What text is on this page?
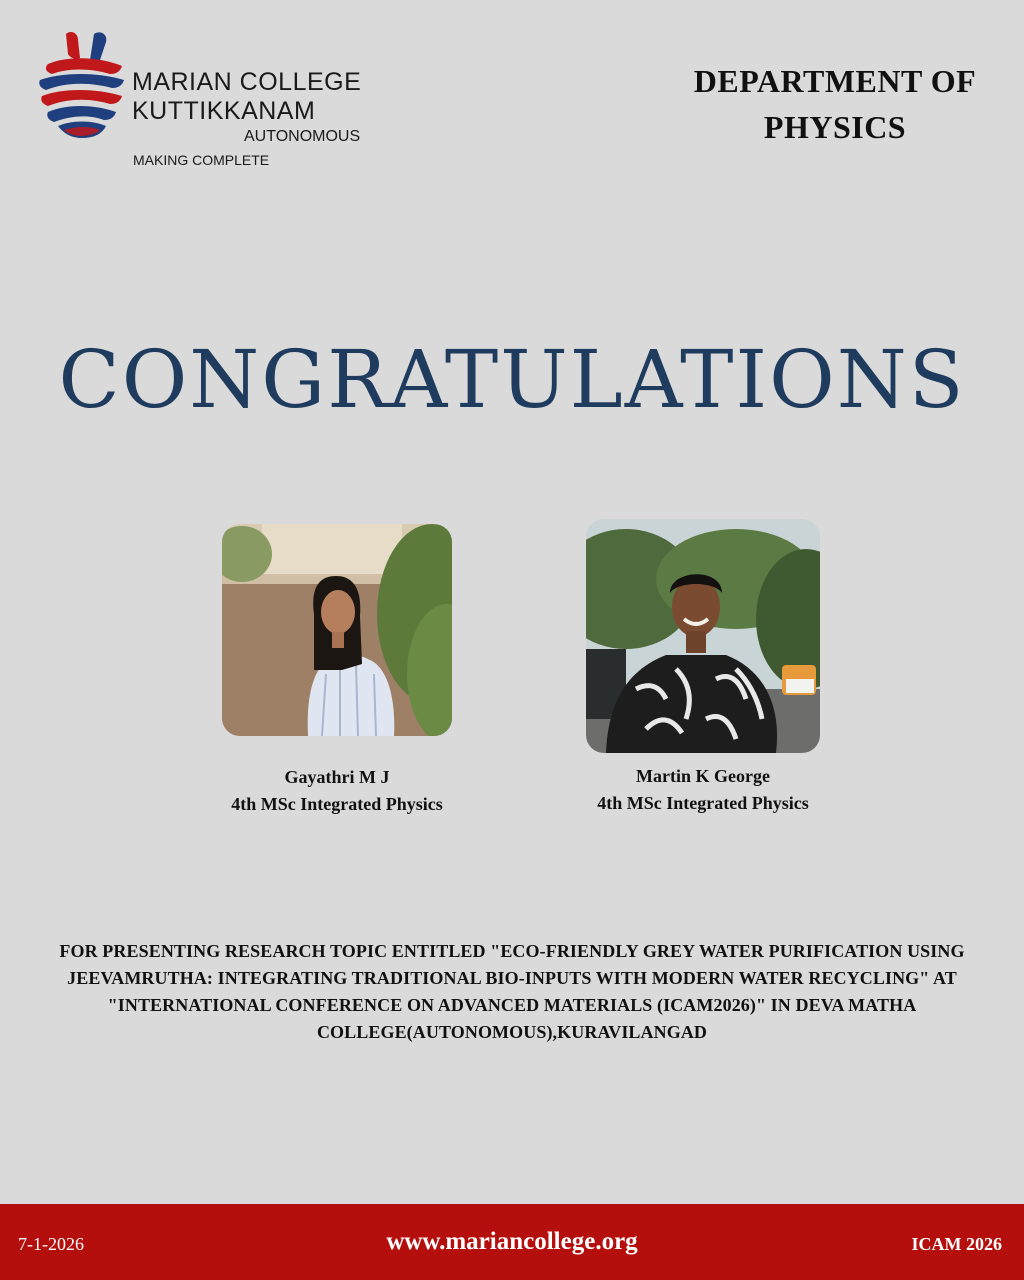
MARIAN COLLEGE
KUTTIKKANAM
AUTONOMOUS
MAKING COMPLETE
DEPARTMENT OF PHYSICS
CONGRATULATIONS
Gayathri M J
4th MSc Integrated Physics
Martin K George
4th MSc Integrated Physics
FOR PRESENTING RESEARCH TOPIC ENTITLED "ECO-FRIENDLY GREY WATER PURIFICATION USING JEEVAMRUTHA: INTEGRATING TRADITIONAL BIO-INPUTS WITH MODERN WATER RECYCLING" AT "INTERNATIONAL CONFERENCE ON ADVANCED MATERIALS (ICAM2026)" IN DEVA MATHA COLLEGE(AUTONOMOUS),KURAVILANGAD
7-1-2026	www.mariancollege.org	ICAM 2026
